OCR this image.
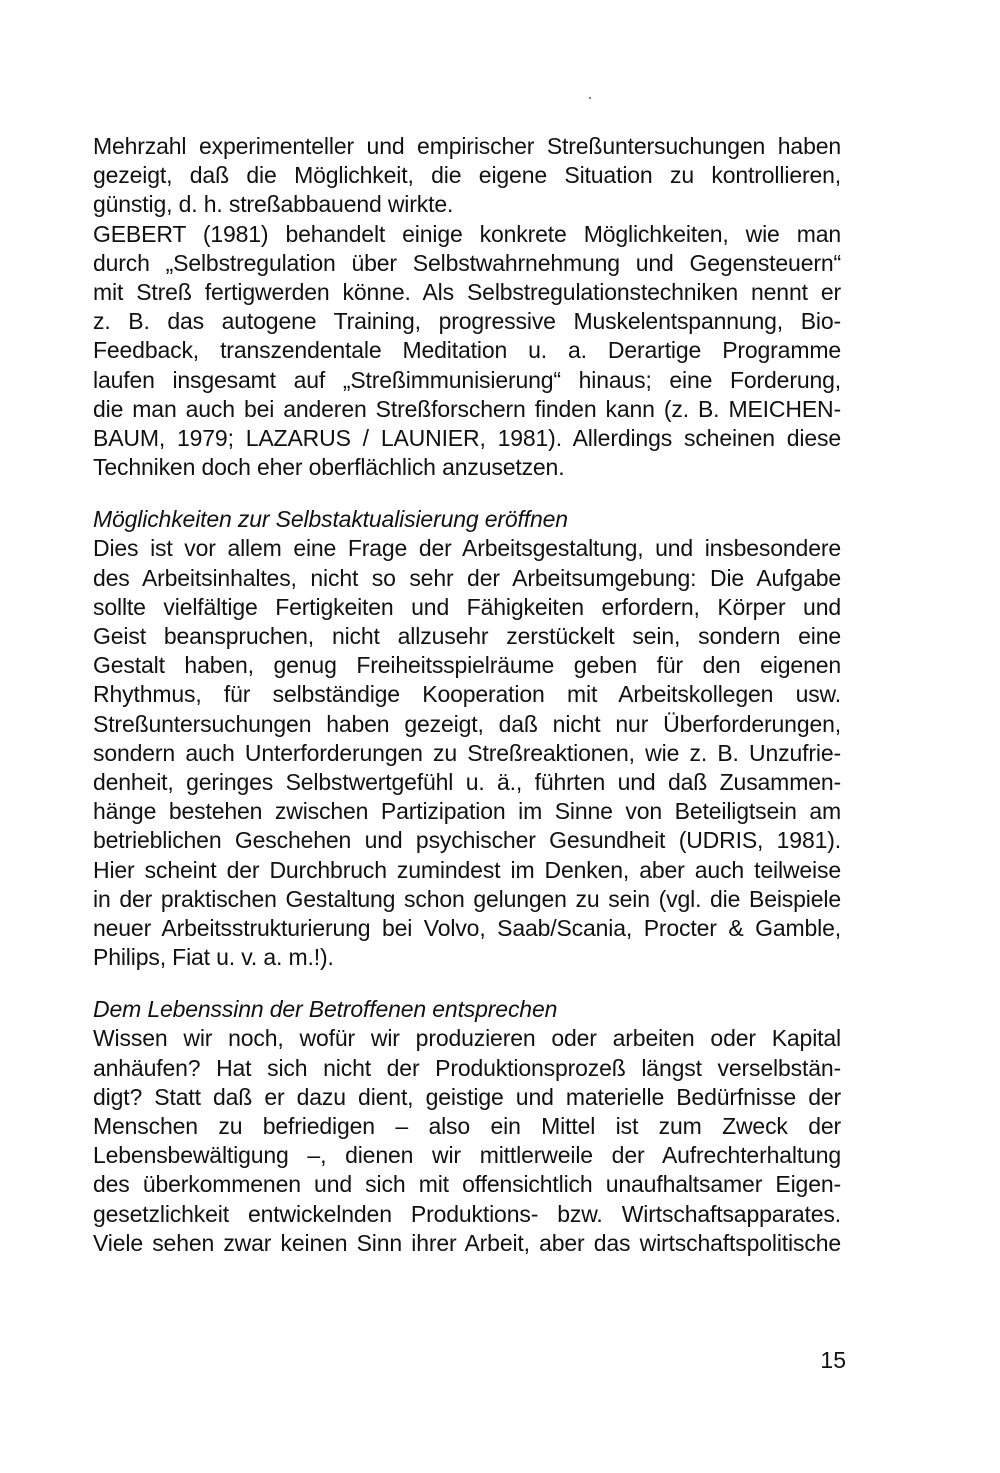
Mehrzahl experimenteller und empirischer Streßuntersuchungen haben
gezeigt, daß die Möglichkeit, die eigene Situation zu kontrollieren,
günstig, d. h. streßabbauend wirkte.
GEBERT (1981) behandelt einige konkrete Möglichkeiten, wie man
durch „Selbstregulation über Selbstwahrnehmung und Gegensteuern“
mit Streß fertigwerden könne. Als Selbstregulationstechniken nennt er
z. B. das autogene Training, progressive Muskelentspannung, Bio-
Feedback, transzendentale Meditation u. a. Derartige Programme
laufen insgesamt auf „Streßimmunisierung“ hinaus; eine Forderung,
die man auch bei anderen Streßforschern finden kann (z. B. MEICHEN-
BAUM, 1979; LAZARUS / LAUNIER, 1981). Allerdings scheinen diese
Techniken doch eher oberflächlich anzusetzen.
Möglichkeiten zur Selbstaktualisierung eröffnen
Dies ist vor allem eine Frage der Arbeitsgestaltung, und insbesondere
des Arbeitsinhaltes, nicht so sehr der Arbeitsumgebung: Die Aufgabe
sollte vielfältige Fertigkeiten und Fähigkeiten erfordern, Körper und
Geist beanspruchen, nicht allzusehr zerstückelt sein, sondern eine
Gestalt haben, genug Freiheitsspielräume geben für den eigenen
Rhythmus, für selbständige Kooperation mit Arbeitskollegen usw.
Streßuntersuchungen haben gezeigt, daß nicht nur Überforderungen,
sondern auch Unterforderungen zu Streßreaktionen, wie z. B. Unzufrie-
denheit, geringes Selbstwertgefühl u. ä., führten und daß Zusammen-
hänge bestehen zwischen Partizipation im Sinne von Beteiligtsein am
betrieblichen Geschehen und psychischer Gesundheit (UDRIS, 1981).
Hier scheint der Durchbruch zumindest im Denken, aber auch teilweise
in der praktischen Gestaltung schon gelungen zu sein (vgl. die Beispiele
neuer Arbeitsstrukturierung bei Volvo, Saab/Scania, Procter & Gamble,
Philips, Fiat u. v. a. m.!).
Dem Lebenssinn der Betroffenen entsprechen
Wissen wir noch, wofür wir produzieren oder arbeiten oder Kapital
anhäufen? Hat sich nicht der Produktionsprozeß längst verselbstän-
digt? Statt daß er dazu dient, geistige und materielle Bedürfnisse der
Menschen zu befriedigen – also ein Mittel ist zum Zweck der
Lebensbewältigung –, dienen wir mittlerweile der Aufrechterhaltung
des überkommenen und sich mit offensichtlich unaufhaltsamer Eigen-
gesetzlichkeit entwickelnden Produktions- bzw. Wirtschaftsapparates.
Viele sehen zwar keinen Sinn ihrer Arbeit, aber das wirtschaftspolitische
15
